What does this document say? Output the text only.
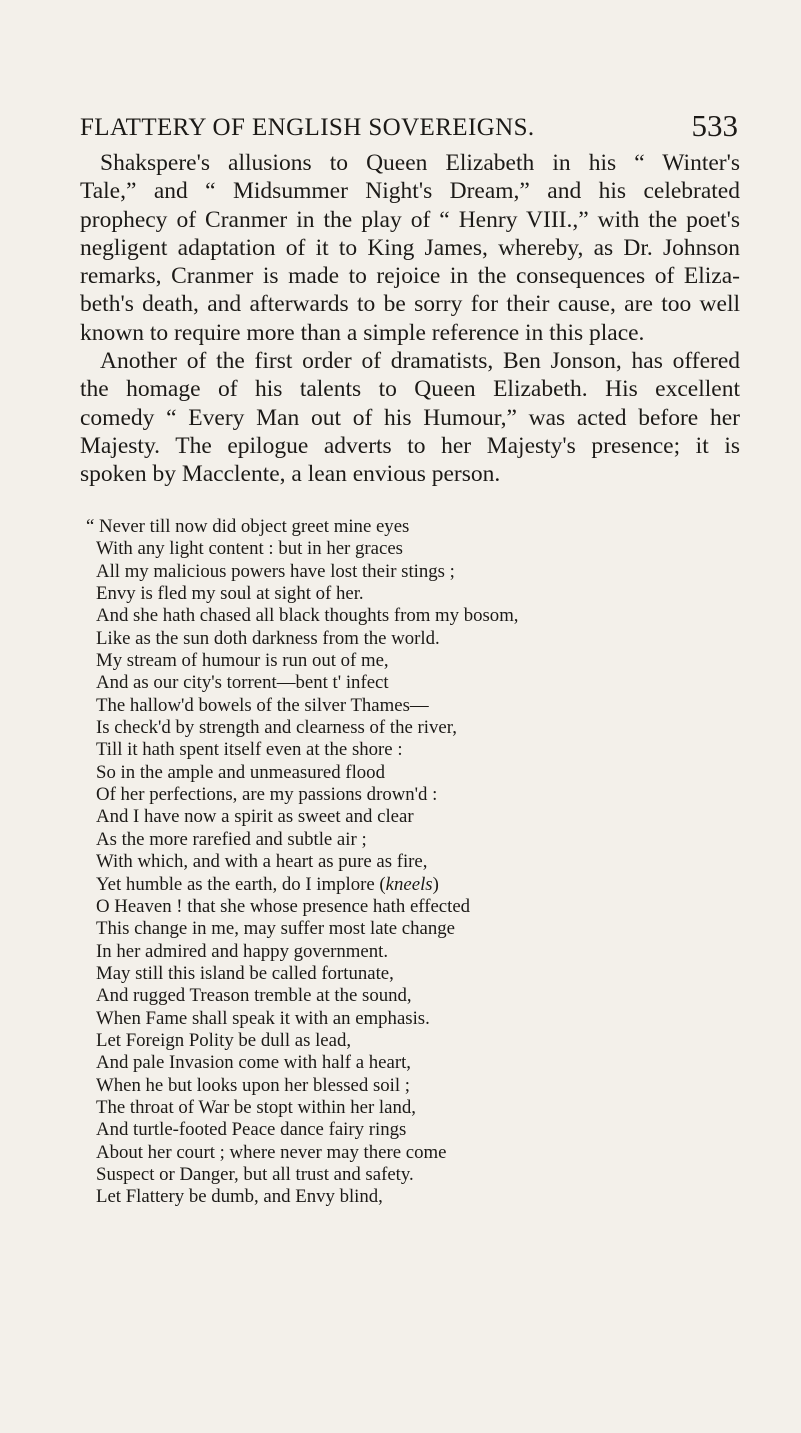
FLATTERY OF ENGLISH SOVEREIGNS.	533
Shakspere's allusions to Queen Elizabeth in his “ Winter's
Tale,” and “ Midsummer Night's Dream,” and his celebrated
prophecy of Cranmer in the play of “ Henry VIII.,” with the poet's
negligent adaptation of it to King James, whereby, as Dr. Johnson
remarks, Cranmer is made to rejoice in the consequences of Eliza-
beth's death, and afterwards to be sorry for their cause, are too well
known to require more than a simple reference in this place.
Another of the first order of dramatists, Ben Jonson, has offered
the homage of his talents to Queen Elizabeth. His excellent
comedy “ Every Man out of his Humour,” was acted before her
Majesty. The epilogue adverts to her Majesty's presence; it is
spoken by Macclente, a lean envious person.
“ Never till now did object greet mine eyes
With any light content : but in her graces
All my malicious powers have lost their stings ;
Envy is fled my soul at sight of her.
And she hath chased all black thoughts from my bosom,
Like as the sun doth darkness from the world.
My stream of humour is run out of me,
And as our city's torrent—bent t' infect
The hallow'd bowels of the silver Thames—
Is check'd by strength and clearness of the river,
Till it hath spent itself even at the shore :
So in the ample and unmeasured flood
Of her perfections, are my passions drown'd :
And I have now a spirit as sweet and clear
As the more rarefied and subtle air ;
With which, and with a heart as pure as fire,
Yet humble as the earth, do I implore (kneels)
O Heaven ! that she whose presence hath effected
This change in me, may suffer most late change
In her admired and happy government.
May still this island be called fortunate,
And rugged Treason tremble at the sound,
When Fame shall speak it with an emphasis.
Let Foreign Polity be dull as lead,
And pale Invasion come with half a heart,
When he but looks upon her blessed soil ;
The throat of War be stopt within her land,
And turtle-footed Peace dance fairy rings
About her court ; where never may there come
Suspect or Danger, but all trust and safety.
Let Flattery be dumb, and Envy blind,
